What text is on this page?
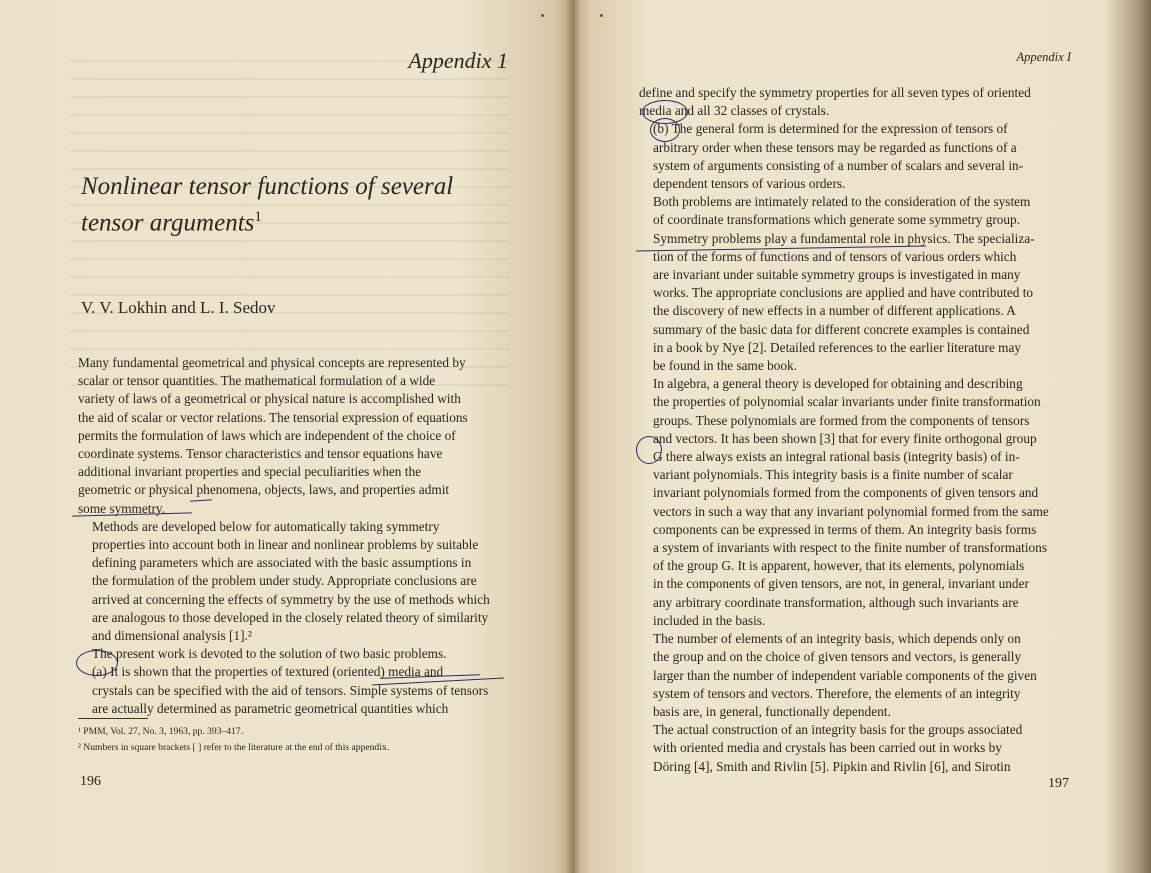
Appendix 1
Nonlinear tensor functions of several tensor arguments$^1$
V. V. Lokhin and L. I. Sedov

Many fundamental geometrical and physical concepts are represented by
scalar or tensor quantities. The mathematical formulation of a wide
variety of laws of a geometrical or physical nature is accomplished with
the aid of scalar or vector relations. The tensorial expression of equations
permits the formulation of laws which are independent of the choice of
coordinate systems. Tensor characteristics and tensor equations have
additional invariant properties and special peculiarities when the
geometric or physical phenomena, objects, laws, and properties admit
some symmetry.

Methods are developed below for automatically taking symmetry
properties into account both in linear and nonlinear problems by suitable
defining parameters which are associated with the basic assumptions in
the formulation of the problem under study. Appropriate conclusions are
arrived at concerning the effects of symmetry by the use of methods which
are analogous to those developed in the closely related theory of similarity
and dimensional analysis [1].²

The present work is devoted to the solution of two basic problems.
(a) It is shown that the properties of textured (oriented) media and
crystals can be specified with the aid of tensors. Simple systems of tensors
are actually determined as parametric geometrical quantities which

¹ PMM, Vol. 27, No. 3, 1963, pp. 393–417.
² Numbers in square brackets [ ] refer to the literature at the end of this appendix.
196
Appendix I

define and specify the symmetry properties for all seven types of oriented
media and all 32 classes of crystals.

(b) The general form is determined for the expression of tensors of
arbitrary order when these tensors may be regarded as functions of a
system of arguments consisting of a number of scalars and several in-
dependent tensors of various orders.

Both problems are intimately related to the consideration of the system
of coordinate transformations which generate some symmetry group.

Symmetry problems play a fundamental role in physics. The specializa-
tion of the forms of functions and of tensors of various orders which
are invariant under suitable symmetry groups is investigated in many
works. The appropriate conclusions are applied and have contributed to
the discovery of new effects in a number of different applications. A
summary of the basic data for different concrete examples is contained
in a book by Nye [2]. Detailed references to the earlier literature may
be found in the same book.

In algebra, a general theory is developed for obtaining and describing
the properties of polynomial scalar invariants under finite transformation
groups. These polynomials are formed from the components of tensors
and vectors. It has been shown [3] that for every finite orthogonal group
G there always exists an integral rational basis (integrity basis) of in-
variant polynomials. This integrity basis is a finite number of scalar
invariant polynomials formed from the components of given tensors and
vectors in such a way that any invariant polynomial formed from the same
components can be expressed in terms of them. An integrity basis forms
a system of invariants with respect to the finite number of transformations
of the group G. It is apparent, however, that its elements, polynomials
in the components of given tensors, are not, in general, invariant under
any arbitrary coordinate transformation, although such invariants are
included in the basis.

The number of elements of an integrity basis, which depends only on
the group and on the choice of given tensors and vectors, is generally
larger than the number of independent variable components of the given
system of tensors and vectors. Therefore, the elements of an integrity
basis are, in general, functionally dependent.

The actual construction of an integrity basis for the groups associated
with oriented media and crystals has been carried out in works by
Döring [4], Smith and Rivlin [5]. Pipkin and Rivlin [6], and Sirotin

197
